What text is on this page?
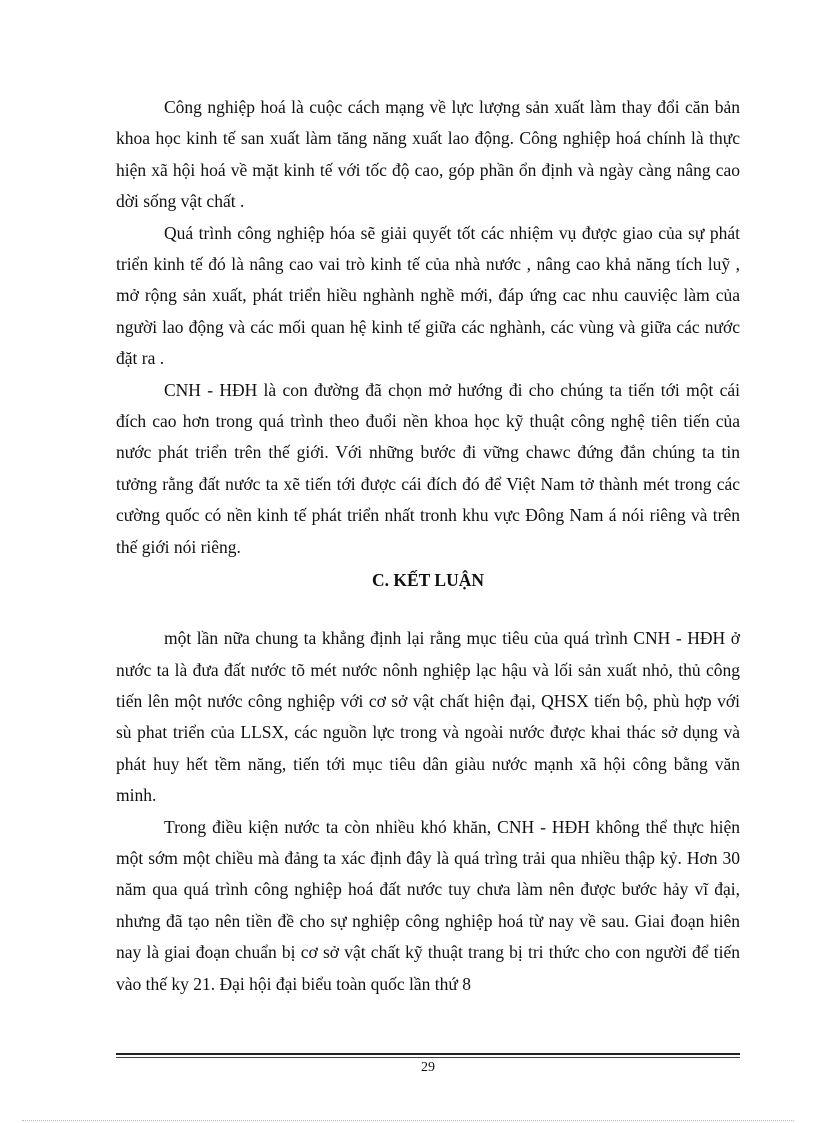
Công nghiệp hoá là cuộc cách mạng về lực lượng sản xuất làm thay đổi căn bản khoa học kinh tế san xuất làm tăng năng xuất lao động. Công nghiệp hoá chính là thực hiện xã hội hoá về mặt kinh tế với tốc độ cao, góp phần ổn định và ngày càng nâng cao dời sống vật chất .

Quá trình công nghiệp hóa sẽ giải quyết tốt các nhiệm vụ được giao của sự phát triển kinh tế đó là nâng cao vai trò kinh tế của nhà nước , nâng cao khả năng tích luỹ , mở rộng sản xuất, phát triển hiều nghành nghề mới, đáp ứng cac nhu cauviệc làm của người lao động và các mối quan hệ kinh tế giữa các nghành, các vùng và giữa các nước đặt ra .

CNH - HĐH là con đường đã chọn mở hướng đi cho chúng ta tiến tới một cái đích cao hơn trong quá trình theo đuổi nền khoa học kỹ thuật công nghệ tiên tiến của nước phát triển trên thế giới. Với những bước đi vững chawc đứng đắn chúng ta tin tưởng rằng đất nước ta xẽ tiến tới được cái đích đó để Việt Nam tở thành mét trong các cường quốc có nền kinh tế phát triển nhất tronh khu vực Đông Nam á nói riêng và trên thế giới nói riêng.

C. KẾT LUẬN

một lần nữa chung ta khẳng định lại rằng mục tiêu của quá trình CNH - HĐH ở nước ta là đưa đất nước tõ mét nước nônh nghiệp lạc hậu và lối sản xuất nhỏ, thủ công tiến lên một nước công nghiệp với cơ sở vật chất hiện đại, QHSX tiến bộ, phù hợp với sù phat triển của LLSX, các nguồn lực trong và ngoài nước được khai thác sở dụng và phát huy hết tềm năng, tiến tới mục tiêu dân giàu nước mạnh xã hội công bằng văn minh.

Trong điều kiện nước ta còn nhiều khó khăn, CNH - HĐH không thể thực hiện một sớm một chiều mà đảng ta xác định đây là quá trìng trải qua nhiều thập kỷ. Hơn 30 năm qua quá trình công nghiệp hoá đất nước tuy chưa làm nên được bước hảy vĩ đại, nhưng đã tạo nên tiền đề cho sự nghiệp công nghiệp hoá từ nay về sau. Giai đoạn hiên nay là giai đoạn chuẩn bị cơ sở vật chất kỹ thuật trang bị tri thức cho con người để tiến vào thế ky 21. Đại hội đại biểu toàn quốc lần thứ 8

29
